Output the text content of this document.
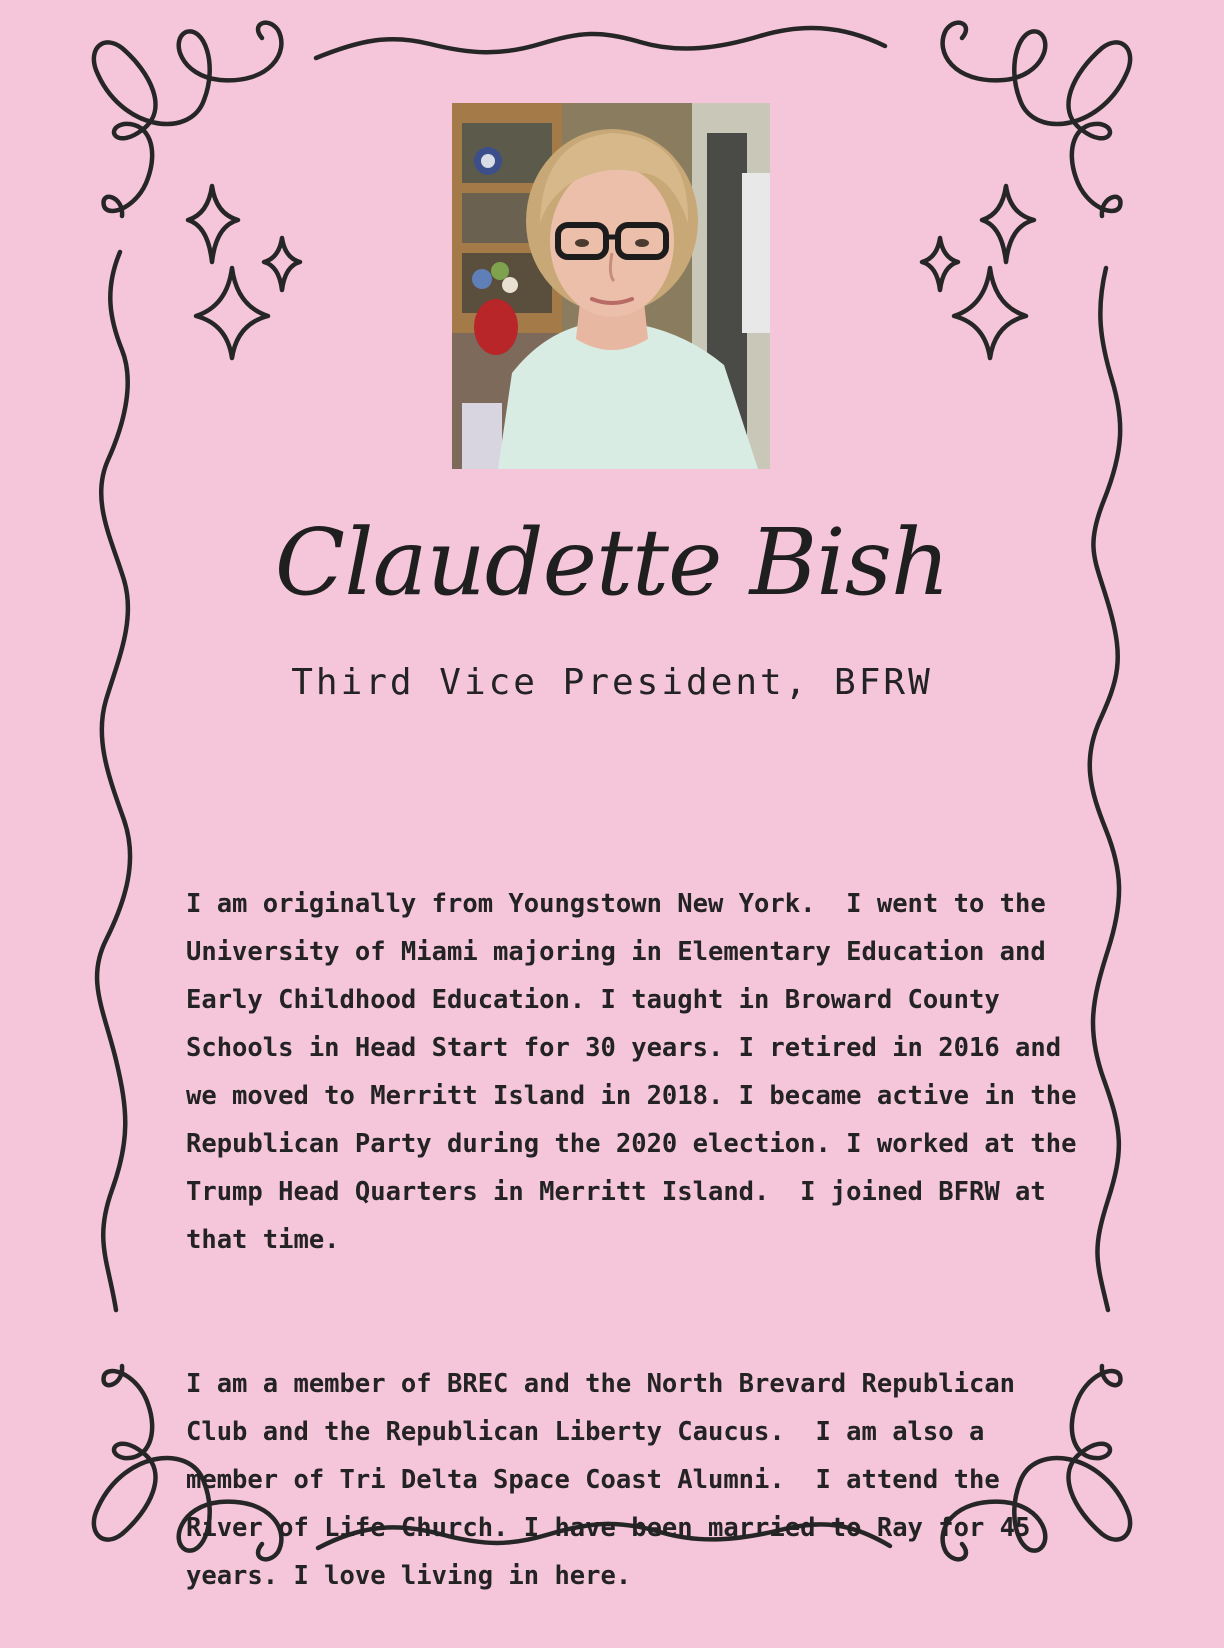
Claudette Bish
Third Vice President, BFRW

I am originally from Youngstown New York.  I went to the University of Miami majoring in Elementary Education and Early Childhood Education. I taught in Broward County Schools in Head Start for 30 years. I retired in 2016 and we moved to Merritt Island in 2018. I became active in the Republican Party during the 2020 election. I worked at the Trump Head Quarters in Merritt Island.  I joined BFRW at that time.

I am a member of BREC and the North Brevard Republican Club and the Republican Liberty Caucus.  I am also a member of Tri Delta Space Coast Alumni.  I attend the River of Life Church. I have been married to Ray for 45 years. I love living in here.
